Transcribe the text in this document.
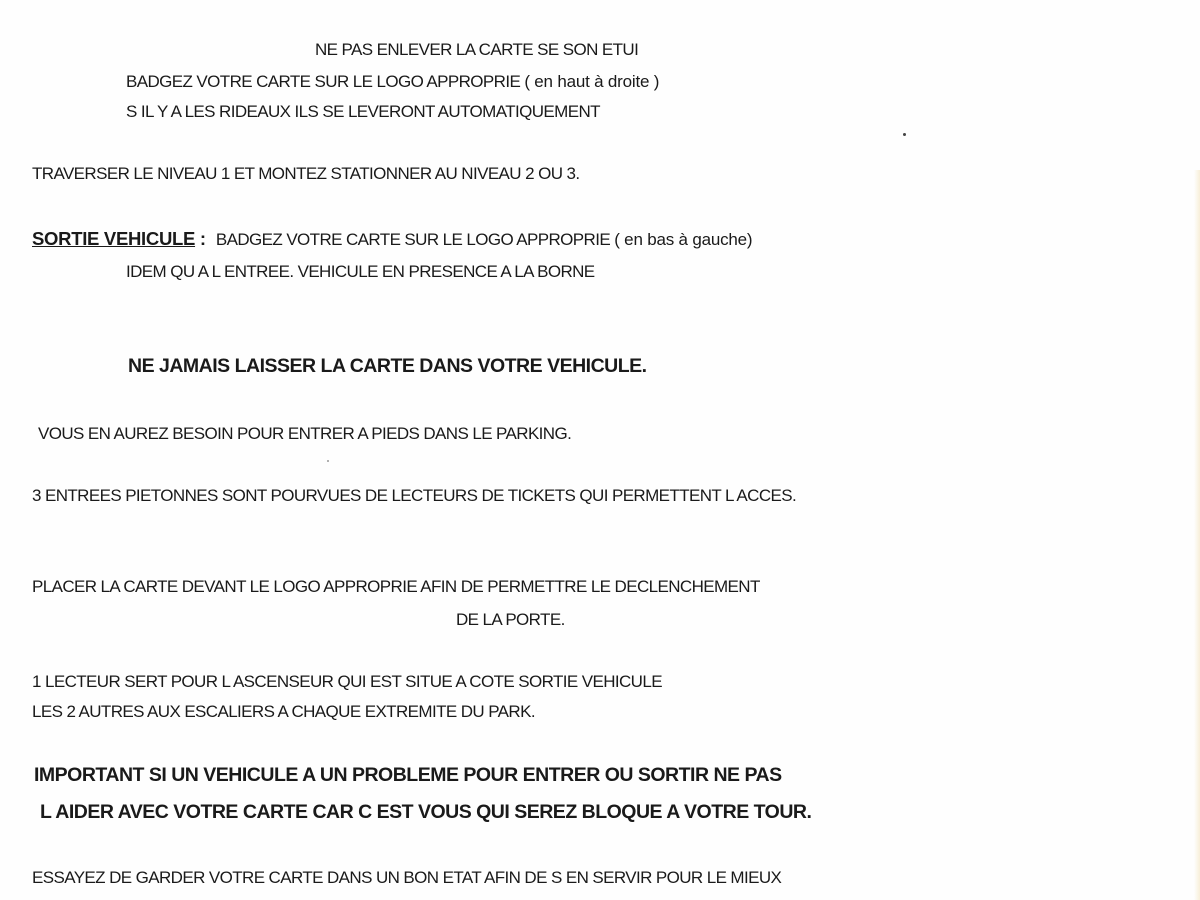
NE PAS ENLEVER LA CARTE SE SON ETUI
BADGEZ VOTRE CARTE SUR LE LOGO APPROPRIE ( en haut à droite )
S IL Y A LES RIDEAUX ILS SE LEVERONT AUTOMATIQUEMENT
TRAVERSER LE NIVEAU 1 ET MONTEZ STATIONNER AU NIVEAU 2 OU 3.
SORTIE VEHICULE : BADGEZ VOTRE CARTE SUR LE LOGO APPROPRIE ( en bas à gauche)
IDEM QU A L ENTREE. VEHICULE EN PRESENCE A LA BORNE
NE JAMAIS LAISSER LA CARTE DANS VOTRE VEHICULE.
VOUS EN AUREZ BESOIN POUR ENTRER A PIEDS DANS LE PARKING.
3 ENTREES PIETONNES SONT POURVUES DE LECTEURS DE TICKETS QUI PERMETTENT L ACCES.
PLACER LA CARTE DEVANT LE LOGO APPROPRIE AFIN DE PERMETTRE LE DECLENCHEMENT
DE LA PORTE.
1 LECTEUR SERT POUR L ASCENSEUR QUI EST SITUE A COTE SORTIE VEHICULE
LES 2 AUTRES AUX ESCALIERS A CHAQUE EXTREMITE DU PARK.
IMPORTANT SI UN VEHICULE A UN PROBLEME POUR ENTRER OU SORTIR NE PAS
L AIDER AVEC VOTRE CARTE CAR C EST VOUS QUI SEREZ BLOQUE A VOTRE TOUR.
ESSAYEZ DE GARDER VOTRE CARTE DANS UN BON ETAT AFIN DE S EN SERVIR POUR LE MIEUX
